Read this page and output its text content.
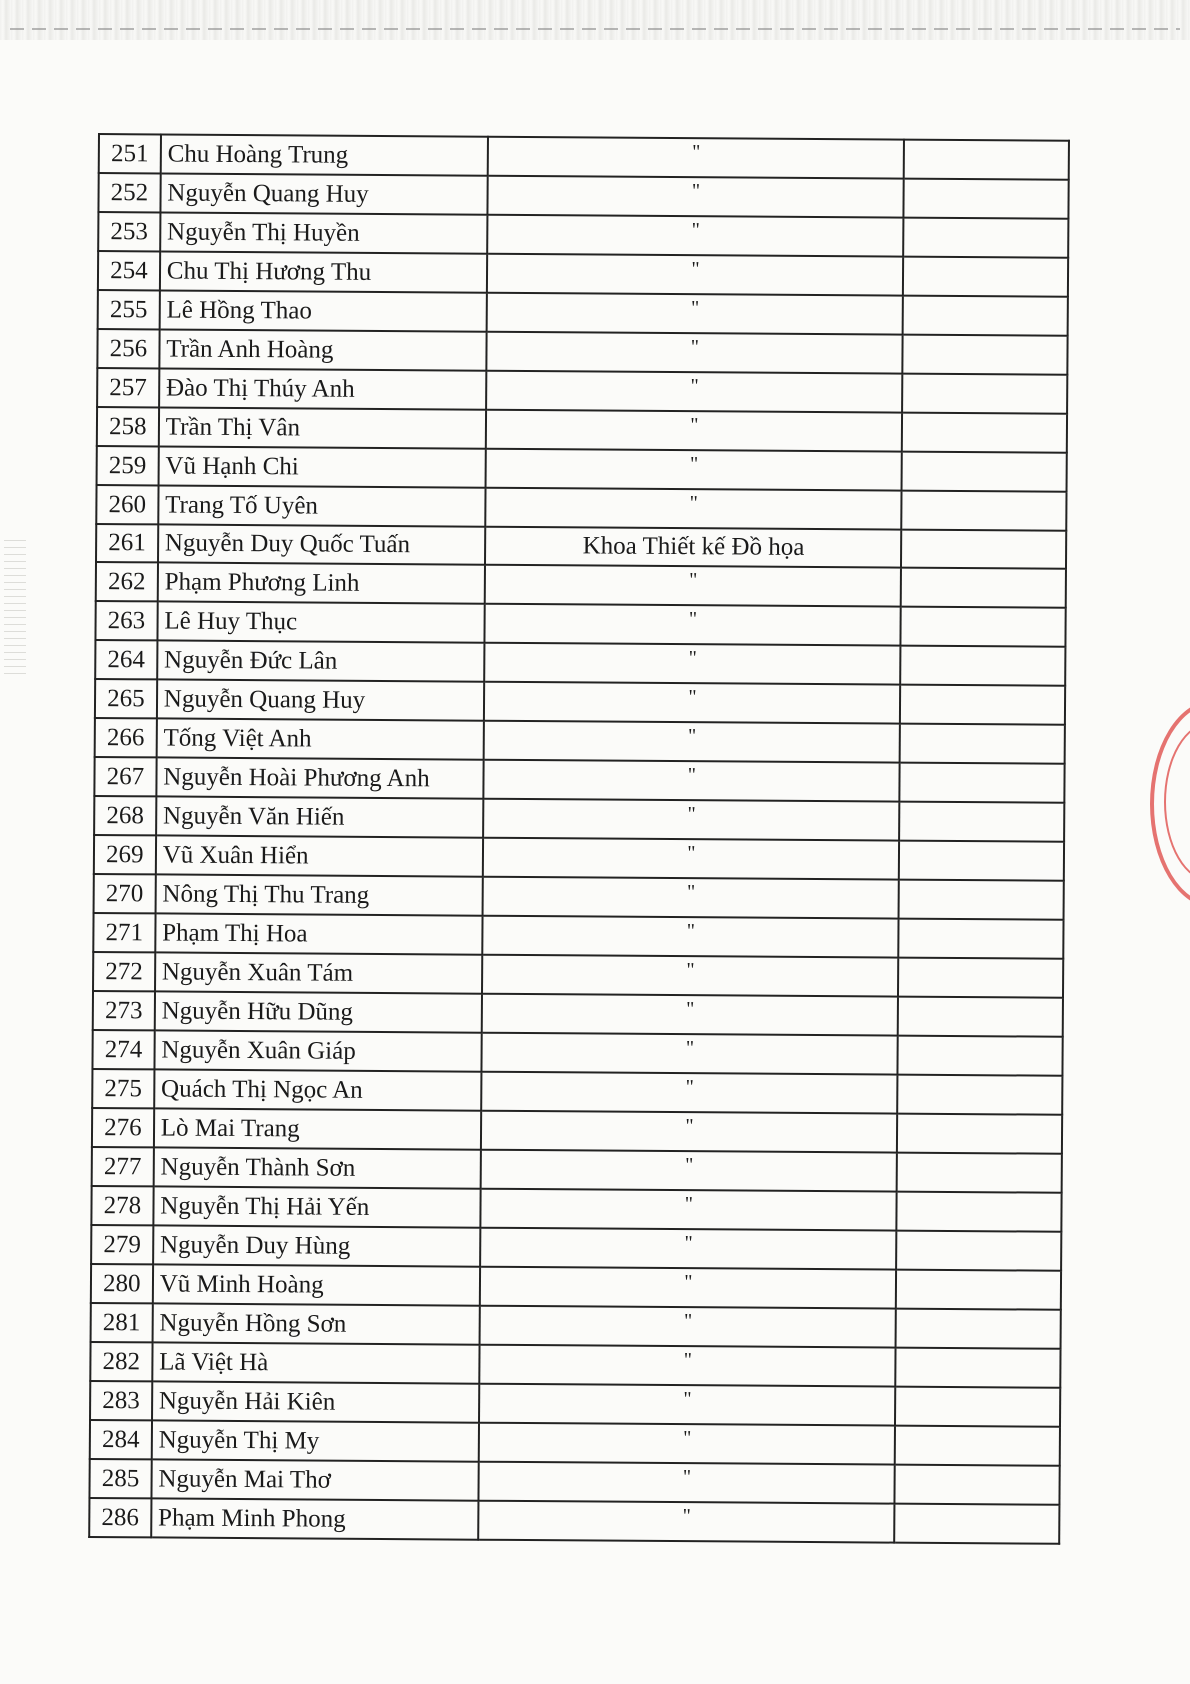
251	Chu Hoàng Trung	"	
252	Nguyễn Quang Huy	"	
253	Nguyễn Thị Huyền	"	
254	Chu Thị Hương Thu	"	
255	Lê Hồng Thao	"	
256	Trần Anh Hoàng	"	
257	Đào Thị Thúy Anh	"	
258	Trần Thị Vân	"	
259	Vũ Hạnh Chi	"	
260	Trang Tố Uyên	"	
261	Nguyễn Duy Quốc Tuấn	Khoa Thiết kế Đồ họa	
262	Phạm Phương Linh	"	
263	Lê Huy Thục	"	
264	Nguyễn Đức Lân	"	
265	Nguyễn Quang Huy	"	
266	Tống Việt Anh	"	
267	Nguyễn Hoài Phương Anh	"	
268	Nguyễn Văn Hiến	"	
269	Vũ Xuân Hiển	"	
270	Nông Thị Thu Trang	"	
271	Phạm Thị Hoa	"	
272	Nguyễn Xuân Tám	"	
273	Nguyễn Hữu Dũng	"	
274	Nguyễn Xuân Giáp	"	
275	Quách Thị Ngọc An	"	
276	Lò Mai Trang	"	
277	Nguyễn Thành Sơn	"	
278	Nguyễn Thị Hải Yến	"	
279	Nguyễn Duy Hùng	"	
280	Vũ Minh Hoàng	"	
281	Nguyễn Hồng Sơn	"	
282	Lã Việt Hà	"	
283	Nguyễn Hải Kiên	"	
284	Nguyễn Thị My	"	
285	Nguyễn Mai Thơ	"	
286	Phạm Minh Phong	"	
